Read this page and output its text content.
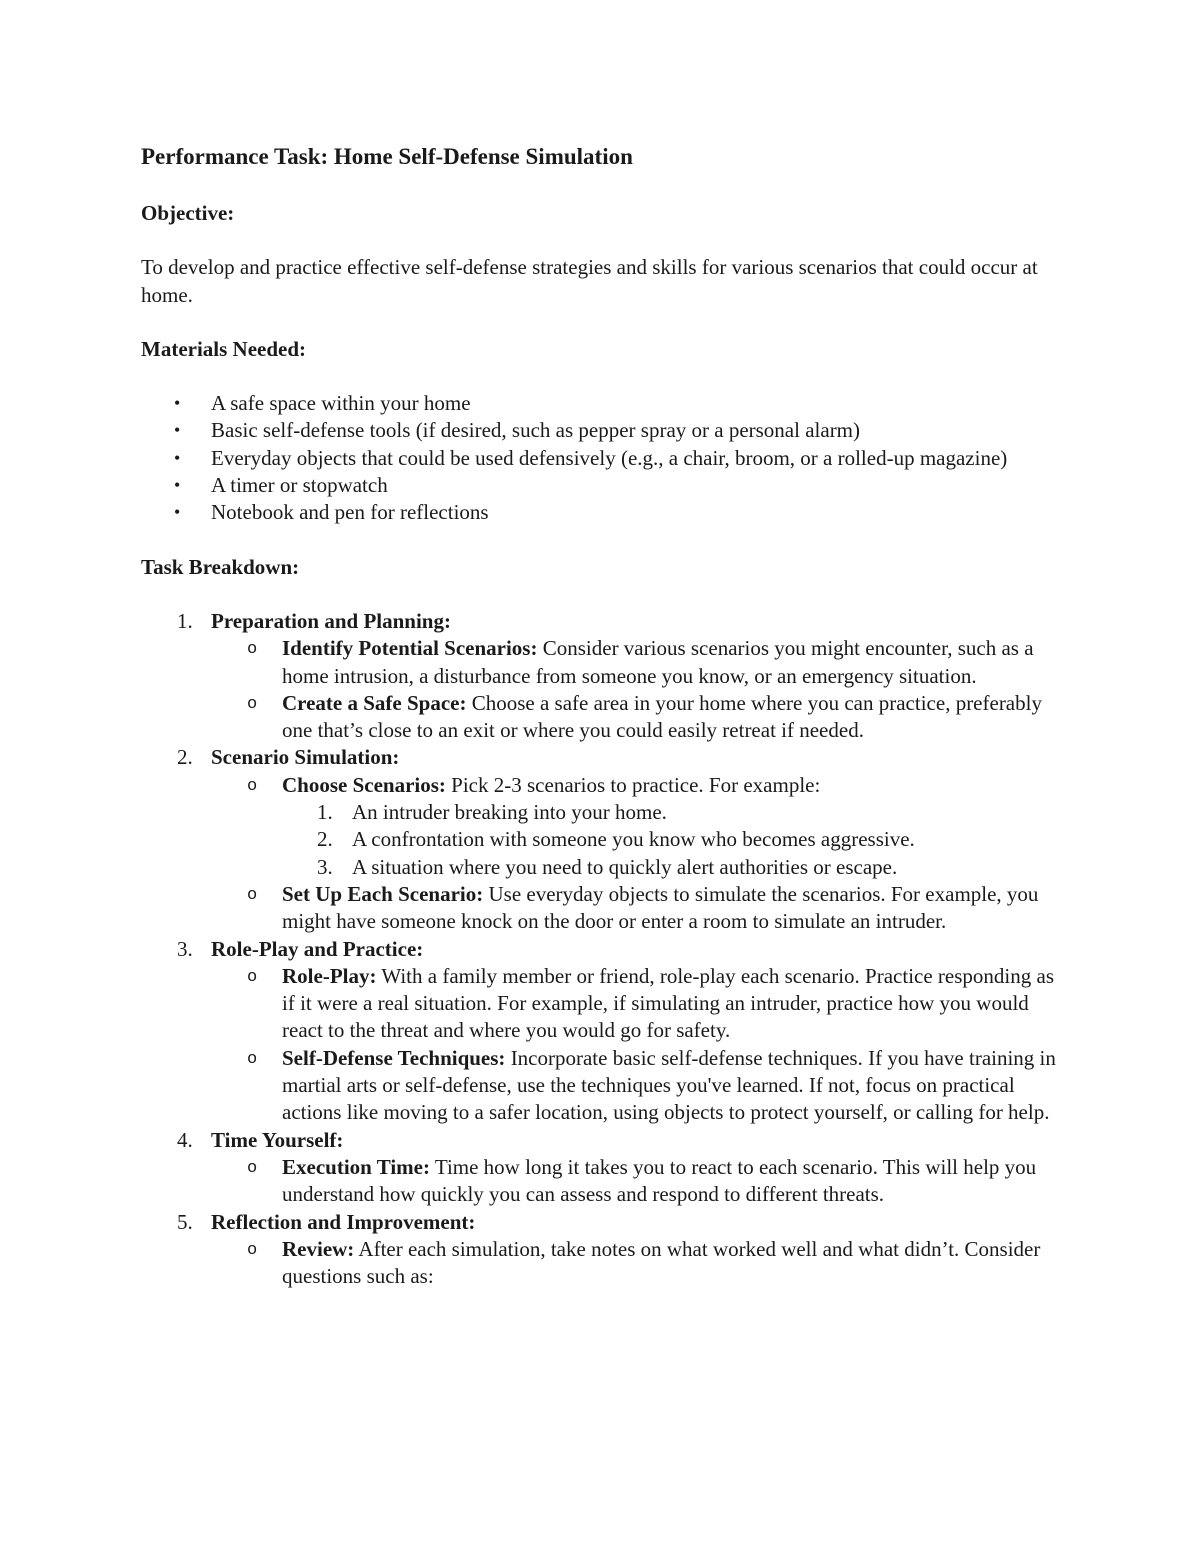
Performance Task: Home Self-Defense Simulation
Objective:

To develop and practice effective self-defense strategies and skills for various scenarios that could occur at home.

Materials Needed:
• A safe space within your home
• Basic self-defense tools (if desired, such as pepper spray or a personal alarm)
• Everyday objects that could be used defensively (e.g., a chair, broom, or a rolled-up magazine)
• A timer or stopwatch
• Notebook and pen for reflections
Task Breakdown:
1. Preparation and Planning:
o Identify Potential Scenarios: Consider various scenarios you might encounter, such as a home intrusion, a disturbance from someone you know, or an emergency situation.
o Create a Safe Space: Choose a safe area in your home where you can practice, preferably one that’s close to an exit or where you could easily retreat if needed.
2. Scenario Simulation:
o Choose Scenarios: Pick 2-3 scenarios to practice. For example:
1. An intruder breaking into your home.
2. A confrontation with someone you know who becomes aggressive.
3. A situation where you need to quickly alert authorities or escape.
o Set Up Each Scenario: Use everyday objects to simulate the scenarios. For example, you might have someone knock on the door or enter a room to simulate an intruder.
3. Role-Play and Practice:
o Role-Play: With a family member or friend, role-play each scenario. Practice responding as if it were a real situation. For example, if simulating an intruder, practice how you would react to the threat and where you would go for safety.
o Self-Defense Techniques: Incorporate basic self-defense techniques. If you have training in martial arts or self-defense, use the techniques you've learned. If not, focus on practical actions like moving to a safer location, using objects to protect yourself, or calling for help.
4. Time Yourself:
o Execution Time: Time how long it takes you to react to each scenario. This will help you understand how quickly you can assess and respond to different threats.
5. Reflection and Improvement:
o Review: After each simulation, take notes on what worked well and what didn’t. Consider questions such as:
